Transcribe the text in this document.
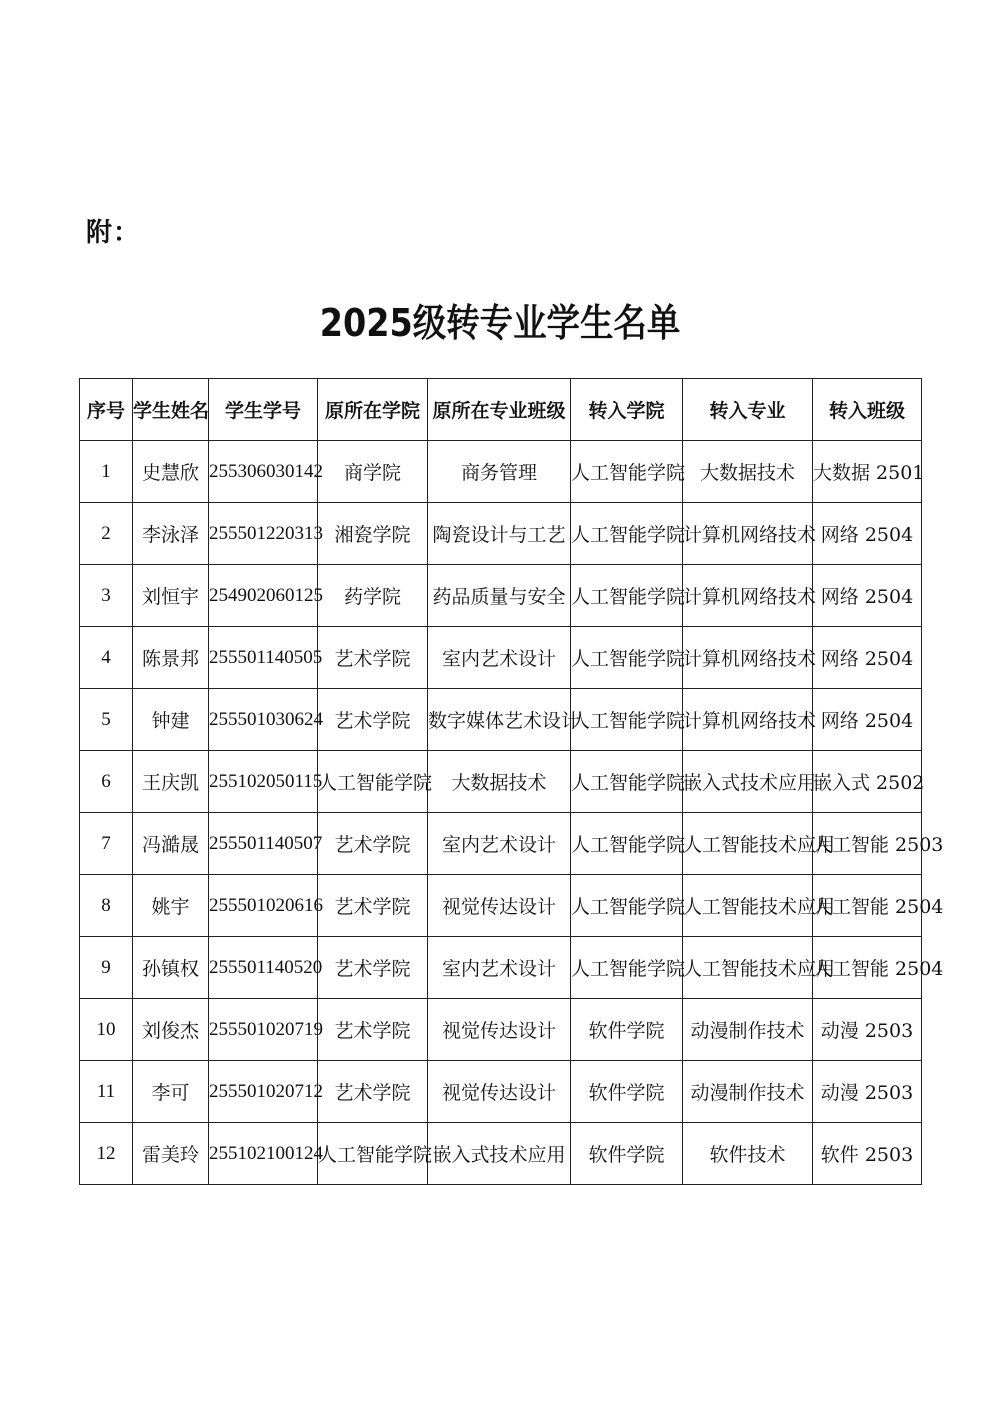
附：
2025级转专业学生名单
序号	学生姓名	学生学号	原所在学院	原所在专业班级	转入学院	转入专业	转入班级
1	史慧欣	255306030142	商学院	商务管理	人工智能学院	大数据技术	大数据 2501
2	李泳泽	255501220313	湘瓷学院	陶瓷设计与工艺	人工智能学院	计算机网络技术	网络 2504
3	刘恒宇	254902060125	药学院	药品质量与安全	人工智能学院	计算机网络技术	网络 2504
4	陈景邦	255501140505	艺术学院	室内艺术设计	人工智能学院	计算机网络技术	网络 2504
5	钟建	255501030624	艺术学院	数字媒体艺术设计	人工智能学院	计算机网络技术	网络 2504
6	王庆凯	255102050115	人工智能学院	大数据技术	人工智能学院	嵌入式技术应用	嵌入式 2502
7	冯澔晟	255501140507	艺术学院	室内艺术设计	人工智能学院	人工智能技术应用	人工智能 2503
8	姚宇	255501020616	艺术学院	视觉传达设计	人工智能学院	人工智能技术应用	人工智能 2504
9	孙镇权	255501140520	艺术学院	室内艺术设计	人工智能学院	人工智能技术应用	人工智能 2504
10	刘俊杰	255501020719	艺术学院	视觉传达设计	软件学院	动漫制作技术	动漫 2503
11	李可	255501020712	艺术学院	视觉传达设计	软件学院	动漫制作技术	动漫 2503
12	雷美玲	255102100124	人工智能学院	嵌入式技术应用	软件学院	软件技术	软件 2503
